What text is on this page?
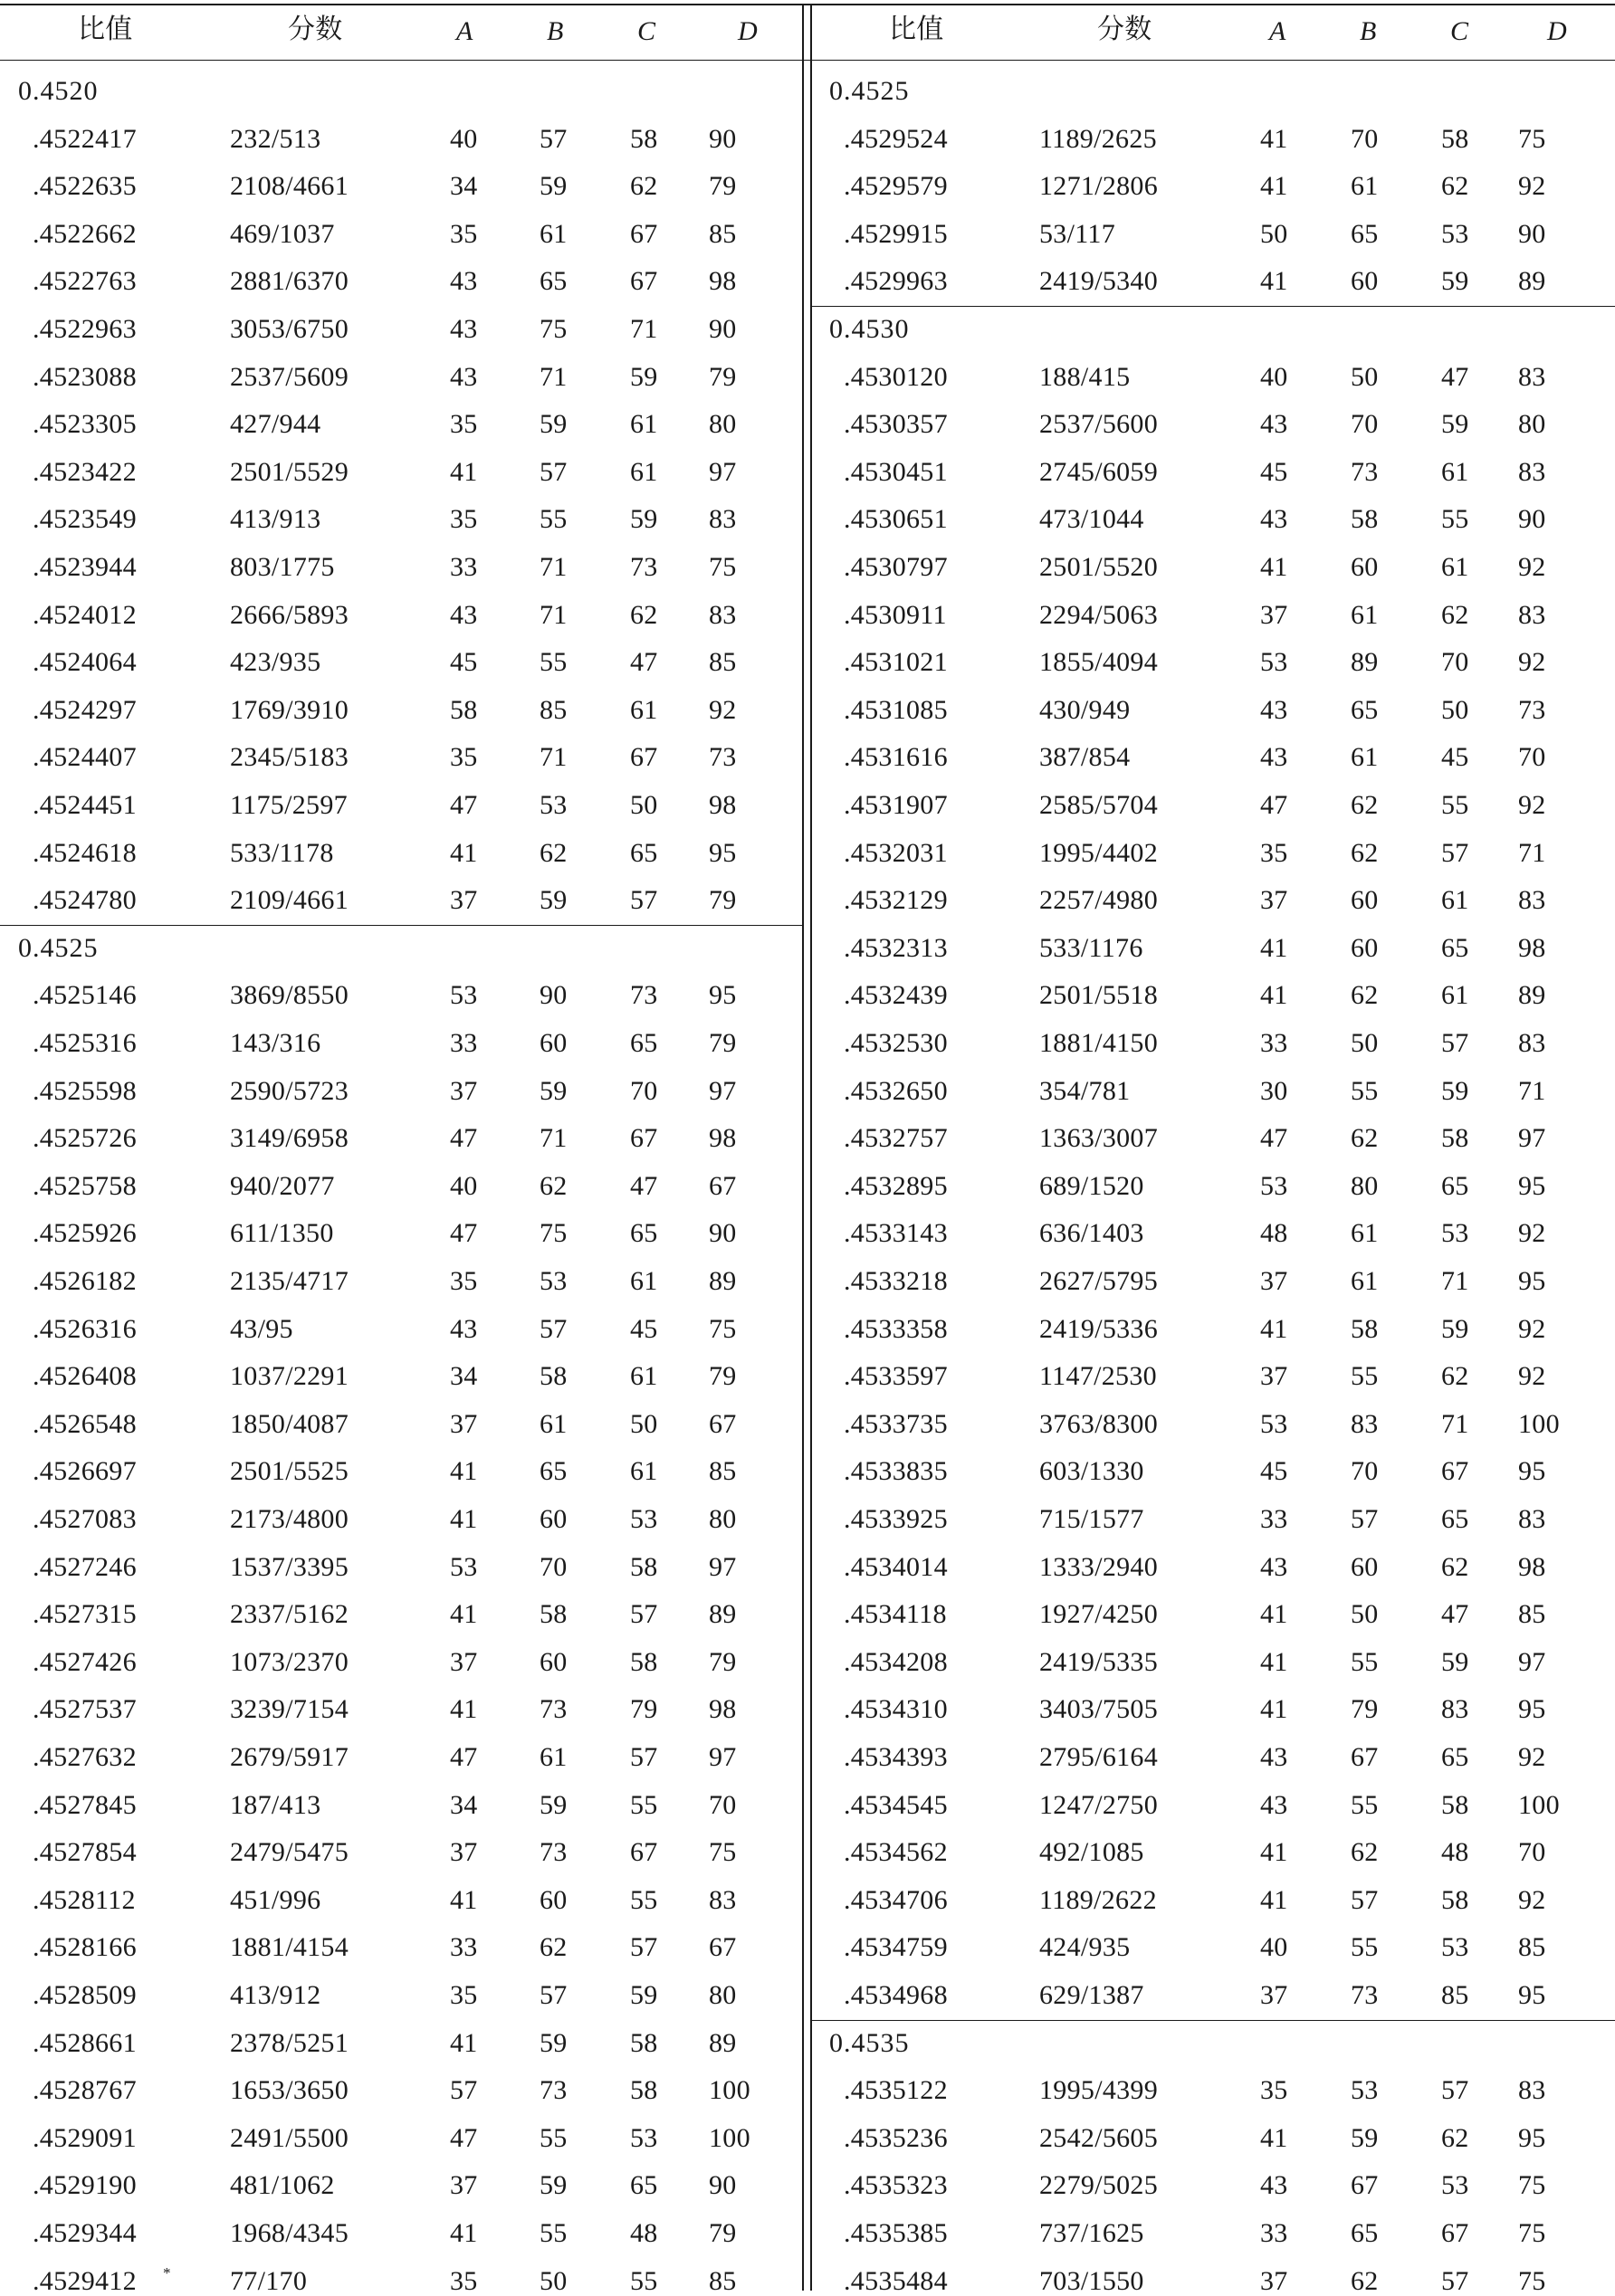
比值	分数	A	B	C	D
0.4520
.4522417	232/513	40 57 58 90
.4522635	2108/4661	34 59 62 79
.4522662	469/1037	35 61 67 85
.4522763	2881/6370	43 65 67 98
.4522963	3053/6750	43 75 71 90
.4523088	2537/5609	43 71 59 79
.4523305	427/944	35 59 61 80
.4523422	2501/5529	41 57 61 97
.4523549	413/913	35 55 59 83
.4523944	803/1775	33 71 73 75
.4524012	2666/5893	43 71 62 83
.4524064	423/935	45 55 47 85
.4524297	1769/3910	58 85 61 92
.4524407	2345/5183	35 71 67 73
.4524451	1175/2597	47 53 50 98
.4524618	533/1178	41 62 65 95
.4524780	2109/4661	37 59 57 79
0.4525
.4525146	3869/8550	53 90 73 95
.4525316	143/316	33 60 65 79
.4525598	2590/5723	37 59 70 97
.4525726	3149/6958	47 71 67 98
.4525758	940/2077	40 62 47 67
.4525926	611/1350	47 75 65 90
.4526182	2135/4717	35 53 61 89
.4526316	43/95	43 57 45 75
.4526408	1037/2291	34 58 61 79
.4526548	1850/4087	37 61 50 67
.4526697	2501/5525	41 65 61 85
.4527083	2173/4800	41 60 53 80
.4527246	1537/3395	53 70 58 97
.4527315	2337/5162	41 58 57 89
.4527426	1073/2370	37 60 58 79
.4527537	3239/7154	41 73 79 98
.4527632	2679/5917	47 61 57 97
.4527845	187/413	34 59 55 70
.4527854	2479/5475	37 73 67 75
.4528112	451/996	41 60 55 83
.4528166	1881/4154	33 62 57 67
.4528509	413/912	35 57 59 80
.4528661	2378/5251	41 59 58 89
.4528767	1653/3650	57 73 58 100
.4529091	2491/5500	47 55 53 100
.4529190	481/1062	37 59 65 90
.4529344	1968/4345	41 55 48 79
.4529412 * 77/170	35 50 55 85
比值	分数	A	B	C	D
0.4525
.4529524	1189/2625	41 70 58 75
.4529579	1271/2806	41 61 62 92
.4529915	53/117	50 65 53 90
.4529963	2419/5340	41 60 59 89
0.4530
.4530120	188/415	40 50 47 83
.4530357	2537/5600	43 70 59 80
.4530451	2745/6059	45 73 61 83
.4530651	473/1044	43 58 55 90
.4530797	2501/5520	41 60 61 92
.4530911	2294/5063	37 61 62 83
.4531021	1855/4094	53 89 70 92
.4531085	430/949	43 65 50 73
.4531616	387/854	43 61 45 70
.4531907	2585/5704	47 62 55 92
.4532031	1995/4402	35 62 57 71
.4532129	2257/4980	37 60 61 83
.4532313	533/1176	41 60 65 98
.4532439	2501/5518	41 62 61 89
.4532530	1881/4150	33 50 57 83
.4532650	354/781	30 55 59 71
.4532757	1363/3007	47 62 58 97
.4532895	689/1520	53 80 65 95
.4533143	636/1403	48 61 53 92
.4533218	2627/5795	37 61 71 95
.4533358	2419/5336	41 58 59 92
.4533597	1147/2530	37 55 62 92
.4533735	3763/8300	53 83 71 100
.4533835	603/1330	45 70 67 95
.4533925	715/1577	33 57 65 83
.4534014	1333/2940	43 60 62 98
.4534118	1927/4250	41 50 47 85
.4534208	2419/5335	41 55 59 97
.4534310	3403/7505	41 79 83 95
.4534393	2795/6164	43 67 65 92
.4534545	1247/2750	43 55 58 100
.4534562	492/1085	41 62 48 70
.4534706	1189/2622	41 57 58 92
.4534759	424/935	40 55 53 85
.4534968	629/1387	37 73 85 95
0.4535
.4535122	1995/4399	35 53 57 83
.4535236	2542/5605	41 59 62 95
.4535323	2279/5025	43 67 53 75
.4535385	737/1625	33 65 67 75
.4535484	703/1550	37 62 57 75
